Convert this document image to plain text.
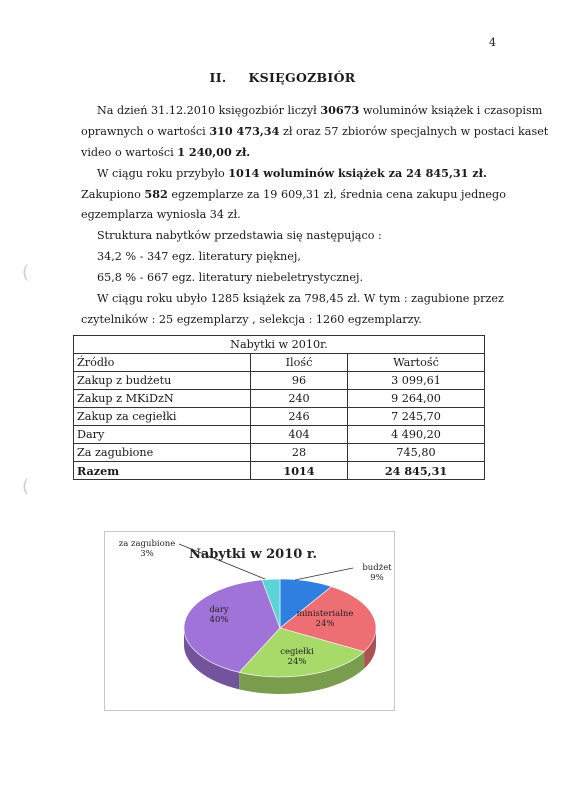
4
II. KSIĘGOZBIÓR
Na dzień 31.12.2010 księgozbiór liczył 30673 woluminów książek i czasopism
oprawnych o wartości 310 473,34 zł oraz 57 zbiorów specjalnych w postaci kaset
video o wartości 1 240,00 zł.
W ciągu roku przybyło 1014 woluminów książek za 24 845,31 zł.
Zakupiono 582 egzemplarze za 19 609,31 zł, średnia cena zakupu jednego
egzemplarza wyniosła 34 zł.
Struktura nabytków przedstawia się następująco :
34,2 % - 347 egz. literatury pięknej,
65,8 % - 667 egz. literatury niebeletrystycznej.
W ciągu roku ubyło 1285 książek za 798,45 zł. W tym : zagubione przez
czytelników : 25 egzemplarzy , selekcja : 1260 egzemplarzy.
(
(
Nabytki w 2010r.		
Źródło	Ilość	Wartość
Zakup z budżetu	96	3 099,61
Zakup z MKiDzN	240	9 264,00
Zakup za cegiełki	246	7 245,70
Dary	404	4 490,20
Za zagubione	28	745,80
Razem	1014	24 845,31
Nabytki w 2010 r.
budżet
9%
ministerialne
24%
cegiełki
24%
dary
40%
za zagubione
3%
